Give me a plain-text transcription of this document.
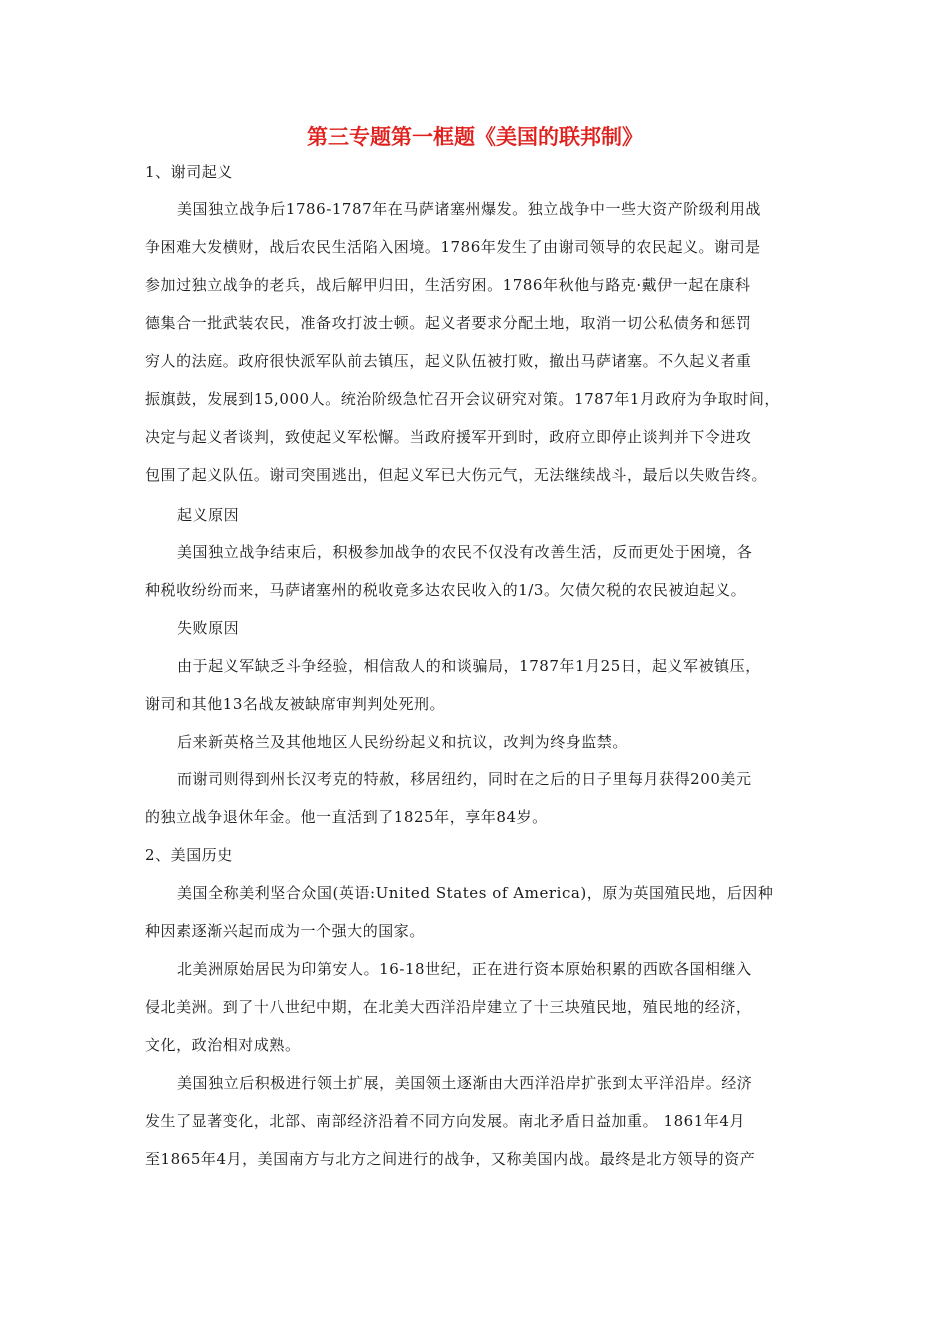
第三专题第一框题《美国的联邦制》
1、谢司起义
美国独立战争后1786-1787年在马萨诸塞州爆发。独立战争中一些大资产阶级利用战
争困难大发横财，战后农民生活陷入困境。1786年发生了由谢司领导的农民起义。谢司是
参加过独立战争的老兵，战后解甲归田，生活穷困。1786年秋他与路克·戴伊一起在康科
德集合一批武装农民，准备攻打波士顿。起义者要求分配土地，取消一切公私债务和惩罚
穷人的法庭。政府很快派军队前去镇压，起义队伍被打败，撤出马萨诸塞。不久起义者重
振旗鼓，发展到15,000人。统治阶级急忙召开会议研究对策。1787年1月政府为争取时间，
决定与起义者谈判，致使起义军松懈。当政府援军开到时，政府立即停止谈判并下令进攻
包围了起义队伍。谢司突围逃出，但起义军已大伤元气，无法继续战斗，最后以失败告终。
起义原因
美国独立战争结束后，积极参加战争的农民不仅没有改善生活，反而更处于困境，各
种税收纷纷而来，马萨诸塞州的税收竟多达农民收入的1/3。欠债欠税的农民被迫起义。
失败原因
由于起义军缺乏斗争经验，相信敌人的和谈骗局，1787年1月25日，起义军被镇压，
谢司和其他13名战友被缺席审判判处死刑。
后来新英格兰及其他地区人民纷纷起义和抗议，改判为终身监禁。
而谢司则得到州长汉考克的特赦，移居纽约，同时在之后的日子里每月获得200美元
的独立战争退休年金。他一直活到了1825年，享年84岁。
2、美国历史
美国全称美利坚合众国(英语:United States of America)，原为英国殖民地，后因种
种因素逐渐兴起而成为一个强大的国家。
北美洲原始居民为印第安人。16-18世纪，正在进行资本原始积累的西欧各国相继入
侵北美洲。到了十八世纪中期，在北美大西洋沿岸建立了十三块殖民地，殖民地的经济，
文化，政治相对成熟。
美国独立后积极进行领土扩展，美国领土逐渐由大西洋沿岸扩张到太平洋沿岸。经济
发生了显著变化，北部、南部经济沿着不同方向发展。南北矛盾日益加重。 1861年4月
至1865年4月，美国南方与北方之间进行的战争，又称美国内战。最终是北方领导的资产
